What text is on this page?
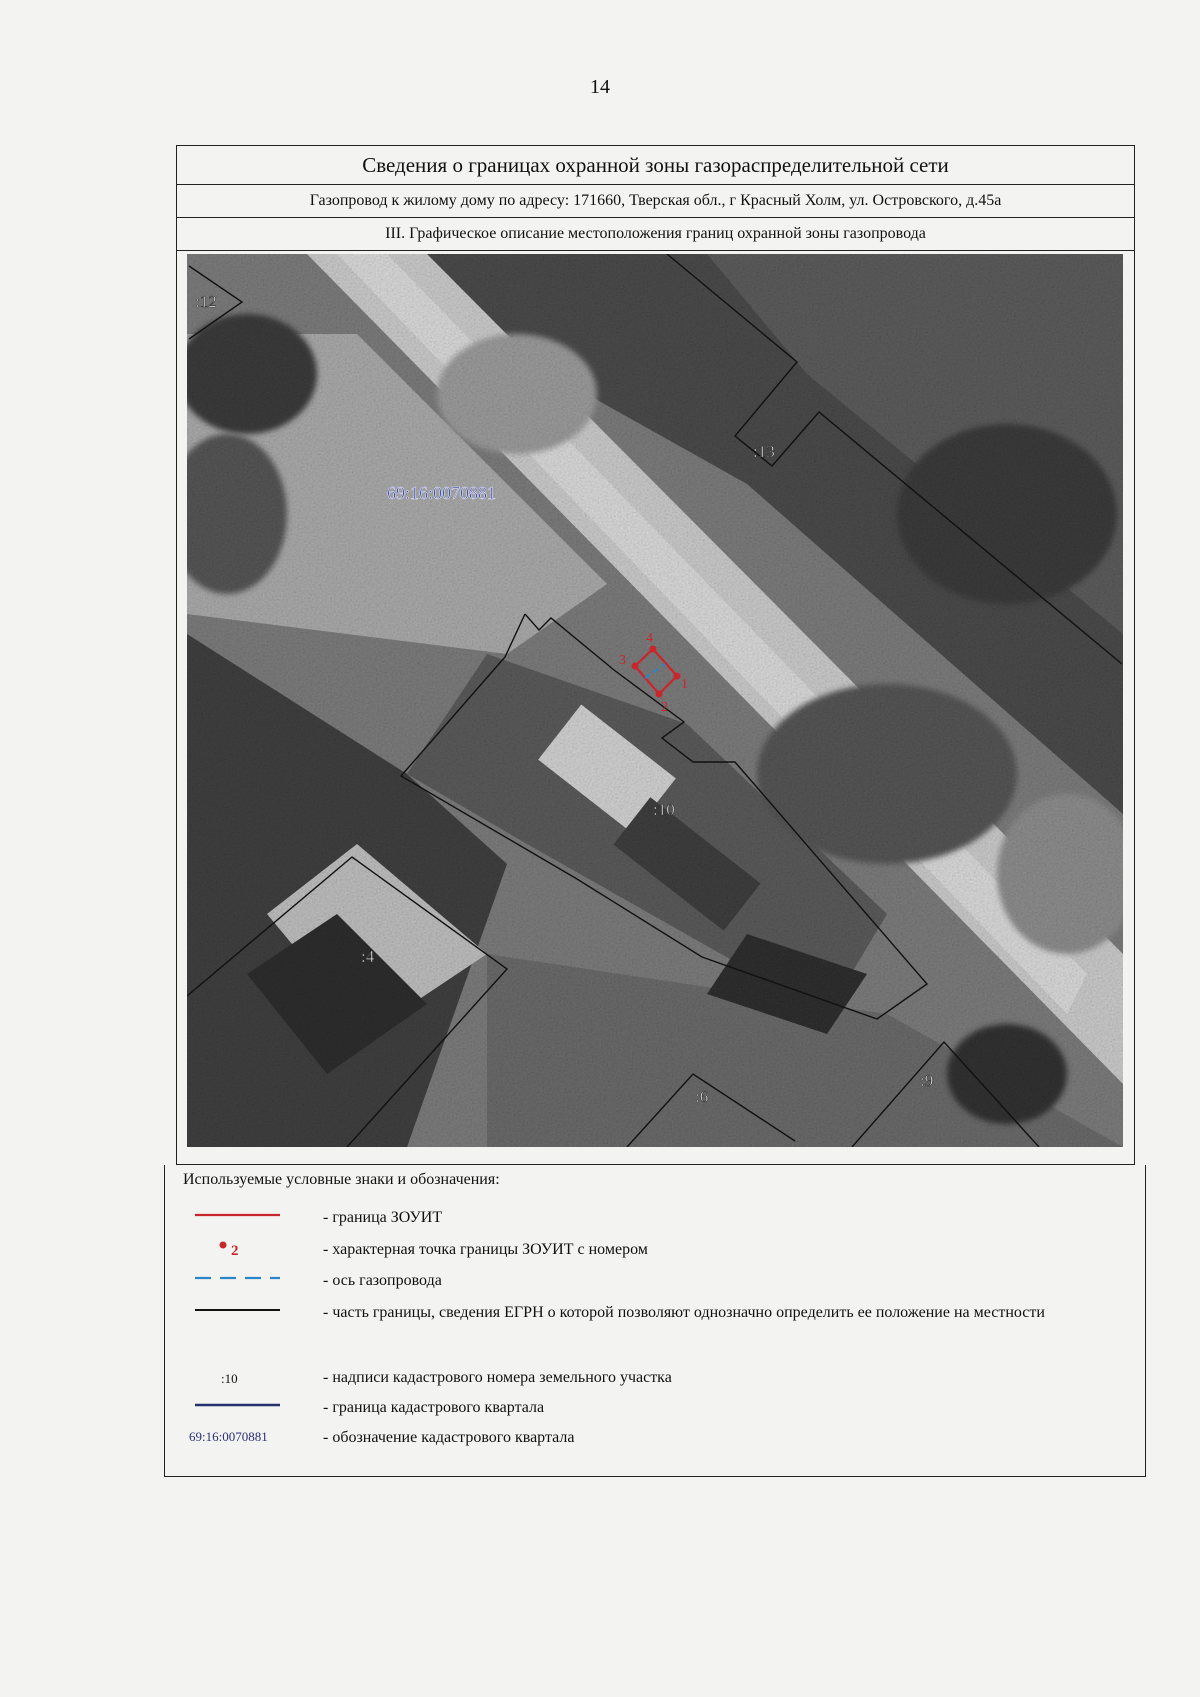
14
Сведения о границах охранной зоны газораспределительной сети
Газопровод к жилому дому по адресу: 171660, Тверская обл., г Красный Холм, ул. Островского, д.45а
III. Графическое описание местоположения границ охранной зоны газопровода
1
2
3
4
:12
:13
:10
:4
:6
:9
69:16:0070881
Используемые условные знаки и обозначения:
- граница ЗОУИТ
2	- характерная точка границы ЗОУИТ с номером
- ось газопровода
- часть границы, сведения ЕГРН о которой позволяют однозначно определить ее положение на местности
:10	- надписи кадастрового номера земельного участка
- граница кадастрового квартала
69:16:0070881	- обозначение кадастрового квартала
